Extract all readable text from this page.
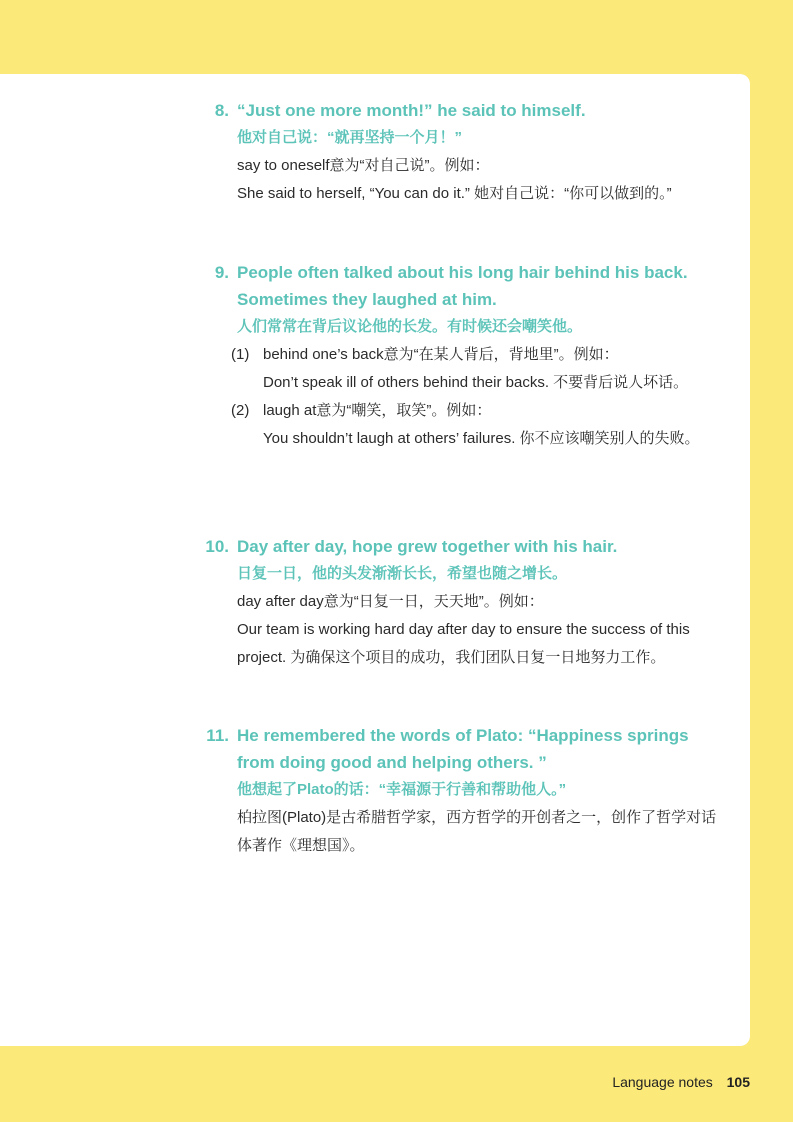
8. “Just one more month!” he said to himself.

他对自己说：“就再坚持一个月！”

say to oneself意为“对自己说”。例如：

She said to herself, “You can do it.” 她对自己说：“你可以做到的。”

9. People often talked about his long hair behind his back. Sometimes they laughed at him.

人们常常在背后议论他的长发。有时候还会嘲笑他。

(1) behind one’s back意为“在某人背后，背地里”。例如：

Don’t speak ill of others behind their backs. 不要背后说人坏话。

(2) laugh at意为“嘲笑，取笑”。例如：

You shouldn’t laugh at others’ failures. 你不应该嘲笑别人的失败。

10. Day after day, hope grew together with his hair.

日复一日，他的头发渐渐长长，希望也随之增长。

day after day意为“日复一日，天天地”。例如：

Our team is working hard day after day to ensure the success of this project. 为确保这个项目的成功，我们团队日复一日地努力工作。

11. He remembered the words of Plato: “Happiness springs from doing good and helping others. ”

他想起了Plato的话：“幸福源于行善和帮助他人。”

柏拉图(Plato)是古希腊哲学家，西方哲学的开创者之一，创作了哲学对话体著作《理想国》。

Language notes 105
